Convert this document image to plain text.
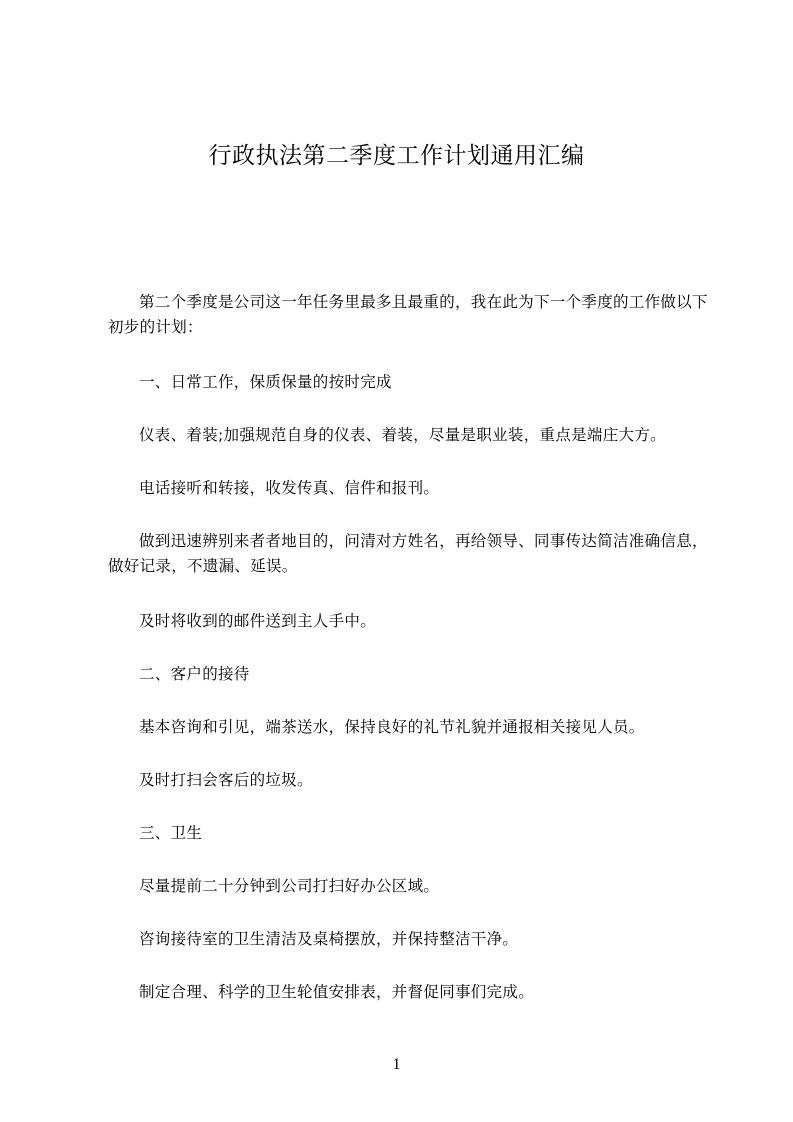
行政执法第二季度工作计划通用汇编

第二个季度是公司这一年任务里最多且最重的，我在此为下一个季度的工作做以下初步的计划：

一、日常工作，保质保量的按时完成

仪表、着装;加强规范自身的仪表、着装，尽量是职业装，重点是端庄大方。

电话接听和转接，收发传真、信件和报刊。

做到迅速辨别来者者地目的，问清对方姓名，再给领导、同事传达简洁准确信息，做好记录，不遗漏、延误。

及时将收到的邮件送到主人手中。

二、客户的接待

基本咨询和引见，端茶送水，保持良好的礼节礼貌并通报相关接见人员。

及时打扫会客后的垃圾。

三、卫生

尽量提前二十分钟到公司打扫好办公区域。

咨询接待室的卫生清洁及桌椅摆放，并保持整洁干净。

制定合理、科学的卫生轮值安排表，并督促同事们完成。

1
